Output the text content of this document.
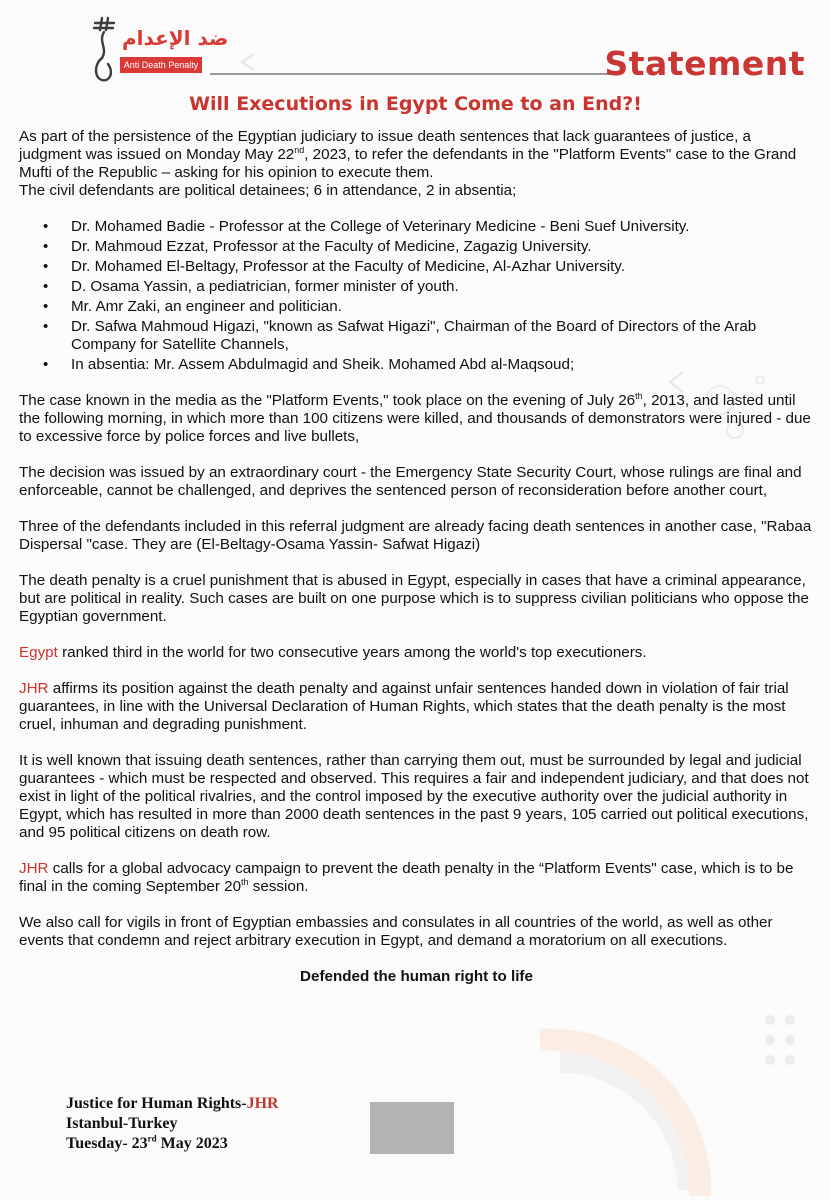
ضد الإعدام
Anti Death Penalty	Statement
Will Executions in Egypt Come to an End?!

As part of the persistence of the Egyptian judiciary to issue death sentences that lack guarantees of justice, a judgment was issued on Monday May 22nd, 2023, to refer the defendants in the "Platform Events" case to the Grand Mufti of the Republic – asking for his opinion to execute them.

The civil defendants are political detainees; 6 in attendance, 2 in absentia;

• Dr. Mohamed Badie - Professor at the College of Veterinary Medicine - Beni Suef University.
• Dr. Mahmoud Ezzat, Professor at the Faculty of Medicine, Zagazig University.
• Dr. Mohamed El-Beltagy, Professor at the Faculty of Medicine, Al-Azhar University.
• D. Osama Yassin, a pediatrician, former minister of youth.
• Mr. Amr Zaki, an engineer and politician.
• Dr. Safwa Mahmoud Higazi, "known as Safwat Higazi", Chairman of the Board of Directors of the Arab Company for Satellite Channels,
• In absentia: Mr. Assem Abdulmagid and Sheik. Mohamed Abd al-Maqsoud;

The case known in the media as the "Platform Events," took place on the evening of July 26th, 2013, and lasted until the following morning, in which more than 100 citizens were killed, and thousands of demonstrators were injured - due to excessive force by police forces and live bullets,

The decision was issued by an extraordinary court - the Emergency State Security Court, whose rulings are final and enforceable, cannot be challenged, and deprives the sentenced person of reconsideration before another court,

Three of the defendants included in this referral judgment are already facing death sentences in another case, "Rabaa Dispersal "case. They are (El-Beltagy-Osama Yassin- Safwat Higazi)

The death penalty is a cruel punishment that is abused in Egypt, especially in cases that have a criminal appearance, but are political in reality. Such cases are built on one purpose which is to suppress civilian politicians who oppose the Egyptian government.

Egypt ranked third in the world for two consecutive years among the world's top executioners.

JHR affirms its position against the death penalty and against unfair sentences handed down in violation of fair trial guarantees, in line with the Universal Declaration of Human Rights, which states that the death penalty is the most cruel, inhuman and degrading punishment.

It is well known that issuing death sentences, rather than carrying them out, must be surrounded by legal and judicial guarantees - which must be respected and observed. This requires a fair and independent judiciary, and that does not exist in light of the political rivalries, and the control imposed by the executive authority over the judicial authority in Egypt, which has resulted in more than 2000 death sentences in the past 9 years, 105 carried out political executions, and 95 political citizens on death row.

JHR calls for a global advocacy campaign to prevent the death penalty in the “Platform Events" case, which is to be final in the coming September 20th session.

We also call for vigils in front of Egyptian embassies and consulates in all countries of the world, as well as other events that condemn and reject arbitrary execution in Egypt, and demand a moratorium on all executions.

Defended the human right to life

Justice for Human Rights-JHR
Istanbul-Turkey
Tuesday- 23rd May 2023
